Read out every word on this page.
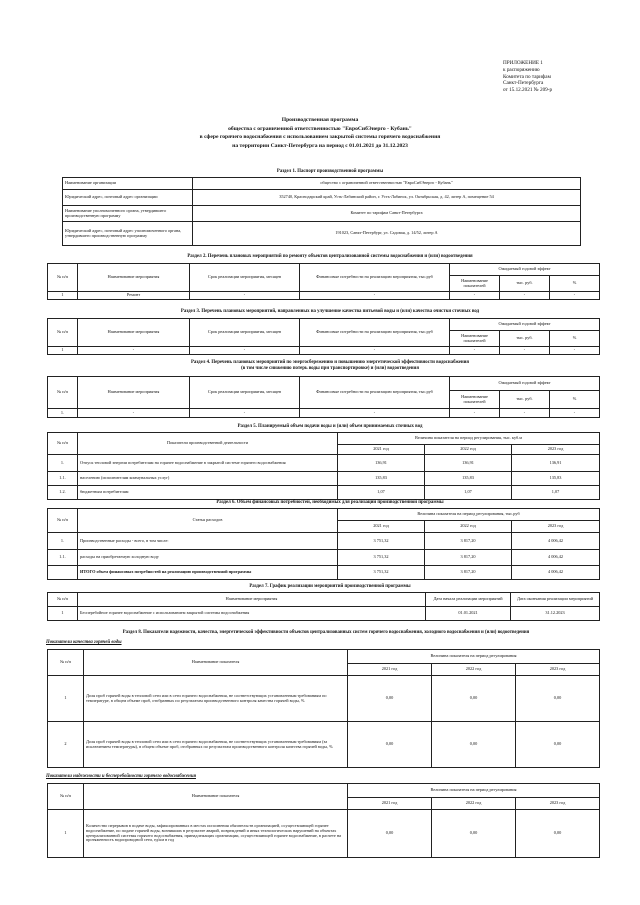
ПРИЛОЖЕНИЕ 1
к распоряжению
Комитета по тарифам
Санкт-Петербурга
от 15.12.2021 № 209-р
Производственная программа
общества с ограниченной ответственностью "ЕвроСибЭнерго - Кубань"
в сфере горячего водоснабжения с использованием закрытой системы горячего водоснабжения
на территории Санкт-Петербурга на период с 01.01.2021 до 31.12.2023
Раздел 1. Паспорт производственной программы
Наименование организации	общество с ограниченной ответственностью "ЕвроСибЭнерго - Кубань"
Юридический адрес, почтовый адрес организации	352740, Краснодарский край, Усть-Лабинский район, г. Усть-Лабинск, ул. Октябрьская, д. 42, литер А, помещение 54
Наименование уполномоченного органа, утвердившего производственную программу	Комитет по тарифам Санкт-Петербурга
Юридический адрес, почтовый адрес уполномоченного органа, утвердившего производственную программу	191023, Санкт-Петербург, ул. Садовая, д. 14/52, литер А
Раздел 2. Перечень плановых мероприятий по ремонту объектов централизованной системы водоснабжения и (или) водоотведения
№ п/п	Наименование мероприятия	Срок реализации мероприятия, месяцев	Финансовые потребности на реализацию мероприятия, тыс.руб	Ожидаемый годовой эффект		
				Наименование показателей	тыс. руб.	%
1	Ремонт	-	-	-	-	-
Раздел 3. Перечень плановых мероприятий, направленных на улучшение качества питьевой воды и (или) качества очистки сточных вод
№ п/п	Наименование мероприятия	Срок реализации мероприятия, месяцев	Финансовые потребности на реализацию мероприятия, тыс.руб	Ожидаемый годовой эффект		
				Наименование показателей	тыс. руб.	%
1	-	-	-	-	-	-
Раздел 4. Перечень плановых мероприятий по энергосбережению и повышению энергетической эффективности водоснабжения
(в том числе снижению потерь воды при транспортировке) и (или) водоотведения
№ п/п	Наименование мероприятия	Срок реализации мероприятия, месяцев	Финансовые потребности на реализацию мероприятия, тыс.руб	Ожидаемый годовой эффект		
				Наименование показателей	тыс. руб.	%
1.	-	-	-	-	-	-
Раздел 5. Планируемый объем подачи воды и (или) объем принимаемых сточных вод
№ п/п	Показатели производственной деятельности	Величина показателя на период регулирования, тыс. куб.м		
		2021 год	2022 год	2023 год
1.	Отпуск тепловой энергии потребителям на горячее водоснабжение в закрытой системе горячего водоснабжения	136,91	136,91	136,91
1.1.	населению (исполнителям коммунальных услуг)	135,83	135,83	135,83
1.2.	бюджетным потребителям	1,07	1,07	1,07
Раздел 6. Объем финансовых потребностей, необходимых для реализации производственной программы
№ п/п	Статья расходов	Величина показателя на период регулирования, тыс.руб		
		2021 год	2022 год	2023 год
1.	Производственные расходы - всего, в том числе:	3 751,32	3 817,20	4 006,42
1.1.	расходы на приобретаемую холодную воду	3 751,32	3 817,20	4 006,42
	ИТОГО объем финансовых потребностей на реализацию производственной программы	3 751,32	3 817,20	4 006,42
Раздел 7. График реализации мероприятий производственной программы
№ п/п	Наименование мероприятия	Дата начала реализации мероприятий	Дата окончания реализации мероприятий
1	Бесперебойное горячее водоснабжение с использованием закрытой системы водоснабжения	01.01.2021	31.12.2023
Раздел 8. Показатели надежности, качества, энергетической эффективности объектов централизованных систем горячего водоснабжения, холодного водоснабжения и (или) водоотведения
Показатели качества горячей воды
№ п/п	Наименование показателя	Величина показателя на период регулирования		
		2021 год	2022 год	2023 год
1	Доля проб горячей воды в тепловой сети или в сети горячего водоснабжения, не соответствующих установленным требованиям по температуре, в общем объеме проб, отобранных по результатам производственного контроля качества горячей воды, %	0,00	0,00	0,00
2	Доля проб горячей воды в тепловой сети или в сети горячего водоснабжения, не соответствующих установленным требованиям (за исключением температуры), в общем объеме проб, отобранных по результатам производственного контроля качества горячей воды, %	0,00	0,00	0,00
Показатели надежности и бесперебойности горячего водоснабжения
№ п/п	Наименование показателя	Величина показателя на период регулирования		
		2021 год	2022 год	2023 год
1	Количество перерывов в подаче воды, зафиксированных в местах исполнения обязательств организацией, осуществляющей горячее водоснабжение, по подаче горячей воды, возникших в результате аварий, повреждений и иных технологических нарушений на объектах централизованной системы горячего водоснабжения, принадлежащих организации, осуществляющей горячее водоснабжение, в расчете на протяженность водопроводной сети, ед/км в год	0,00	0,00	0,00
